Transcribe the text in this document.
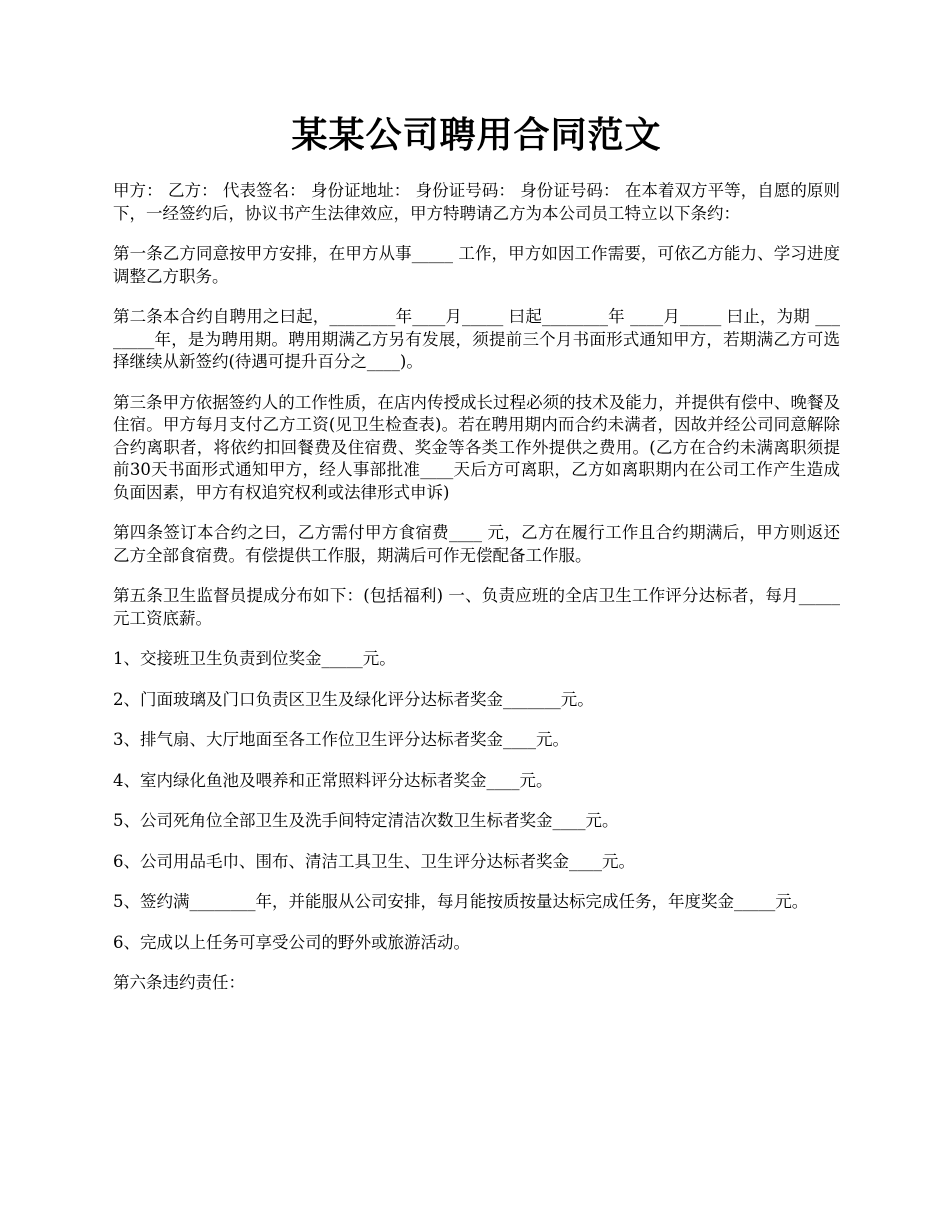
某某公司聘用合同范文

甲方： 乙方： 代表签名： 身份证地址： 身份证号码： 身份证号码： 在本着双方平等，自愿的原则下，一经签约后，协议书产生法律效应，甲方特聘请乙方为本公司员工特立以下条约：

第一条乙方同意按甲方安排，在甲方从事_____ 工作，甲方如因工作需要，可依乙方能力、学习进度调整乙方职务。

第二条本合约自聘用之曰起，________年____月_____ 曰起________年 ____月_____ 曰止，为期 ________年，是为聘用期。聘用期满乙方另有发展，须提前三个月书面形式通知甲方，若期满乙方可选择继续从新签约(待遇可提升百分之____)。

第三条甲方依据签约人的工作性质，在店内传授成长过程必须的技术及能力，并提供有偿中、晚餐及住宿。甲方每月支付乙方工资(见卫生检查表)。若在聘用期内而合约未满者，因故并经公司同意解除合约离职者，将依约扣回餐费及住宿费、奖金等各类工作外提供之费用。(乙方在合约未满离职须提前30天书面形式通知甲方，经人事部批准____天后方可离职，乙方如离职期内在公司工作产生造成负面因素，甲方有权追究权利或法律形式申诉)

第四条签订本合约之曰，乙方需付甲方食宿费____ 元，乙方在履行工作且合约期满后，甲方则返还乙方全部食宿费。有偿提供工作服，期满后可作无偿配备工作服。

第五条卫生监督员提成分布如下：(包括福利) 一、负责应班的全店卫生工作评分达标者，每月_____ 元工资底薪。

1、交接班卫生负责到位奖金_____元。

2、门面玻璃及门口负责区卫生及绿化评分达标者奖金_______元。

3、排气扇、大厅地面至各工作位卫生评分达标者奖金____元。

4、室内绿化鱼池及喂养和正常照料评分达标者奖金____元。

5、公司死角位全部卫生及洗手间特定清洁次数卫生标者奖金____元。

6、公司用品毛巾、围布、清洁工具卫生、卫生评分达标者奖金____元。

5、签约满________年，并能服从公司安排，每月能按质按量达标完成任务，年度奖金_____元。

6、完成以上任务可享受公司的野外或旅游活动。

第六条违约责任：
